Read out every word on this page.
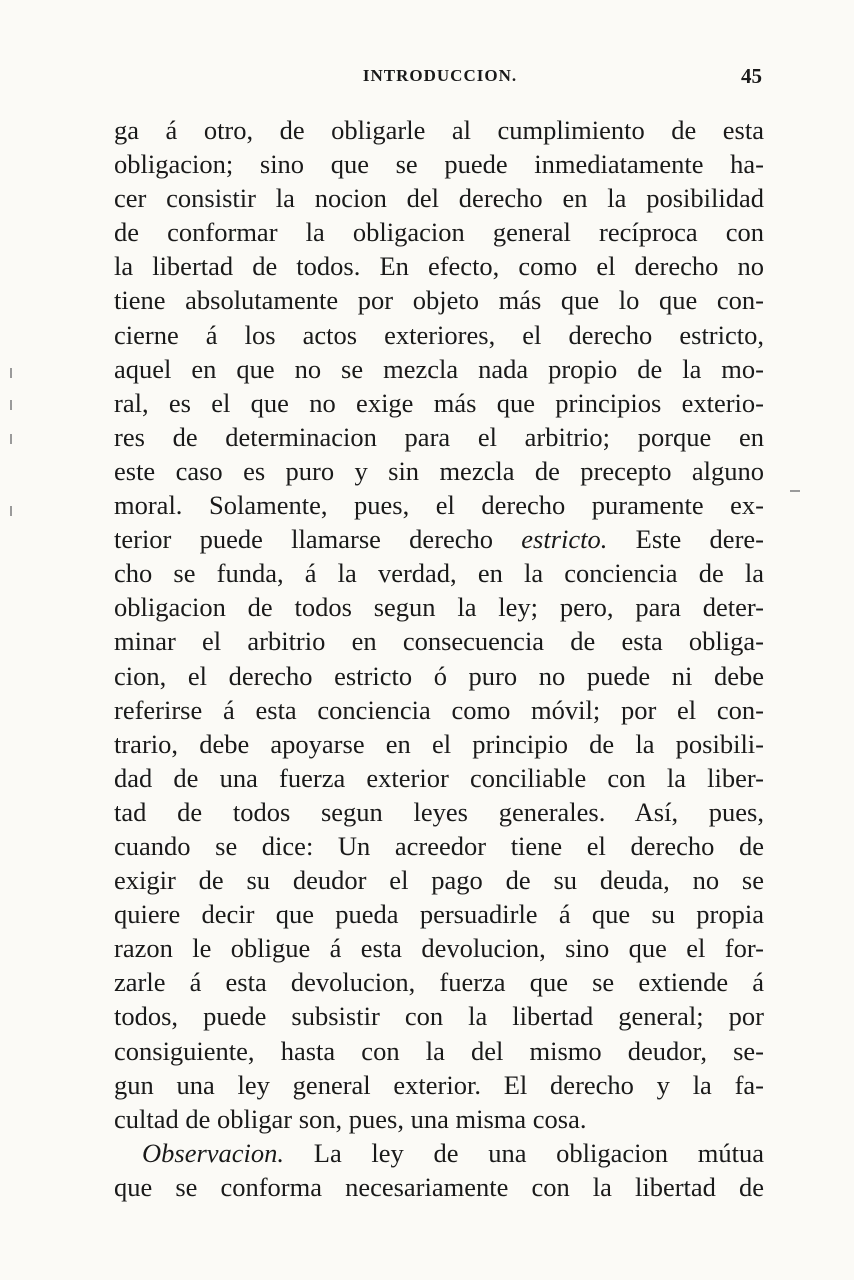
INTRODUCCION.	45
ga á otro, de obligarle al cumplimiento de esta
obligacion; sino que se puede inmediatamente ha-
cer consistir la nocion del derecho en la posibilidad
de conformar la obligacion general recíproca con
la libertad de todos. En efecto, como el derecho no
tiene absolutamente por objeto más que lo que con-
cierne á los actos exteriores, el derecho estricto,
aquel en que no se mezcla nada propio de la mo-
ral, es el que no exige más que principios exterio-
res de determinacion para el arbitrio; porque en
este caso es puro y sin mezcla de precepto alguno
moral. Solamente, pues, el derecho puramente ex-
terior puede llamarse derecho estricto. Este dere-
cho se funda, á la verdad, en la conciencia de la
obligacion de todos segun la ley; pero, para deter-
minar el arbitrio en consecuencia de esta obliga-
cion, el derecho estricto ó puro no puede ni debe
referirse á esta conciencia como móvil; por el con-
trario, debe apoyarse en el principio de la posibili-
dad de una fuerza exterior conciliable con la liber-
tad de todos segun leyes generales. Así, pues,
cuando se dice: Un acreedor tiene el derecho de
exigir de su deudor el pago de su deuda, no se
quiere decir que pueda persuadirle á que su propia
razon le obligue á esta devolucion, sino que el for-
zarle á esta devolucion, fuerza que se extiende á
todos, puede subsistir con la libertad general; por
consiguiente, hasta con la del mismo deudor, se-
gun una ley general exterior. El derecho y la fa-
cultad de obligar son, pues, una misma cosa.
Observacion. La ley de una obligacion mútua
que se conforma necesariamente con la libertad de
